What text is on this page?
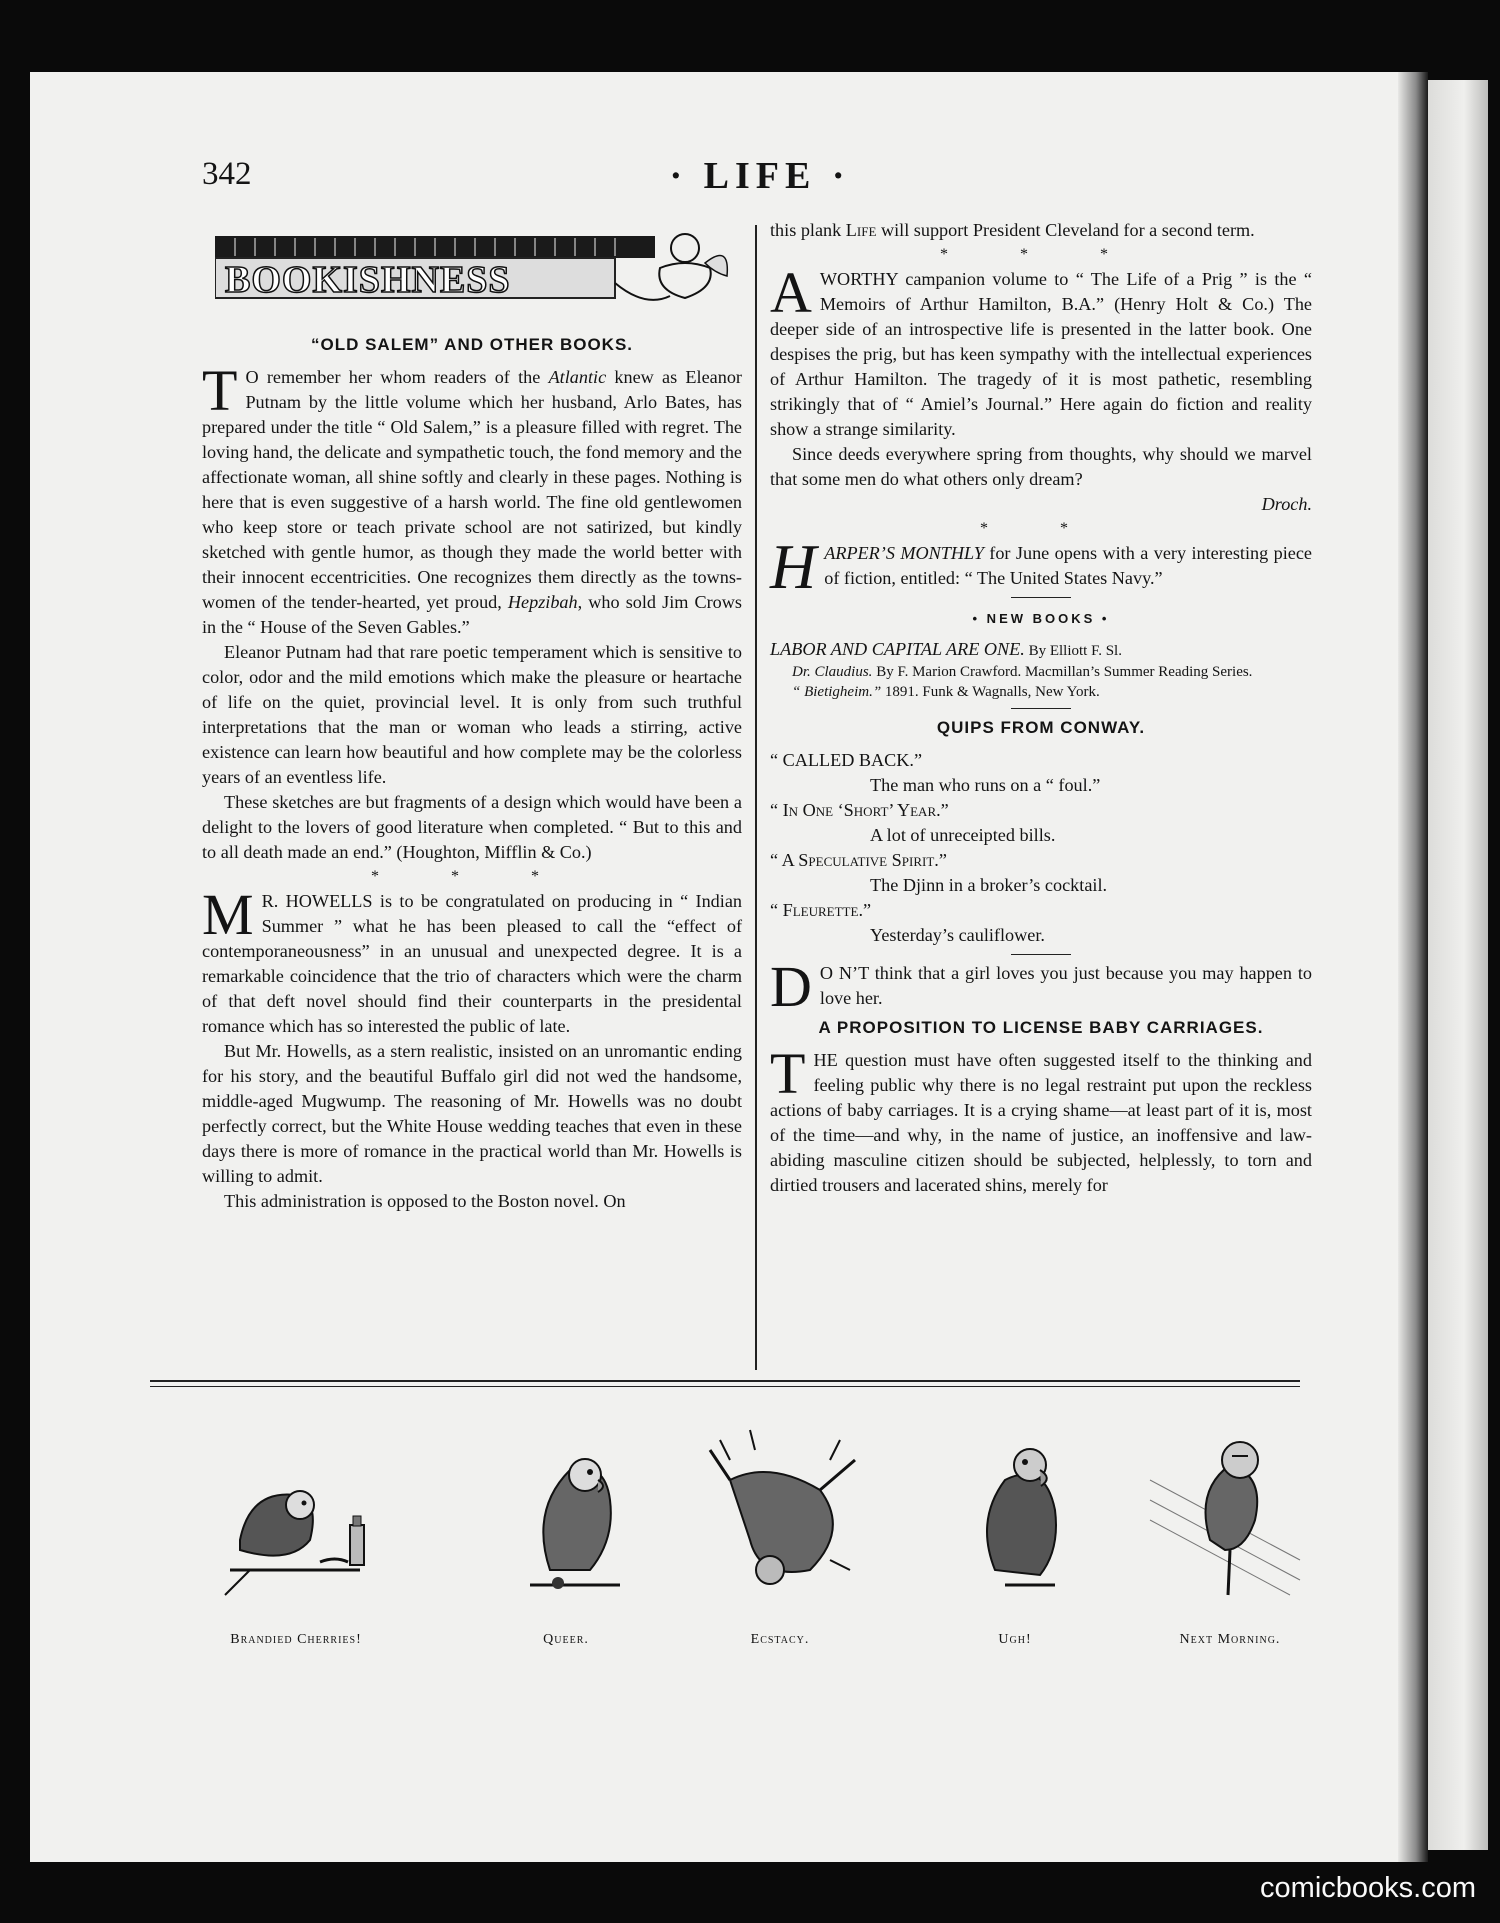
342	· LIFE ·
BOOKISHNESS
“OLD SALEM” AND OTHER BOOKS.

T O remember her whom readers of the Atlantic knew as Eleanor Putnam by the little volume which her husband, Arlo Bates, has prepared under the title “ Old Salem,” is a pleasure filled with regret. The loving hand, the delicate and sympathetic touch, the fond memory and the affectionate woman, all shine softly and clearly in these pages. Nothing is here that is even suggestive of a harsh world. The fine old gentlewomen who keep store or teach private school are not satirized, but kindly sketched with gentle humor, as though they made the world better with their innocent eccentricities. One recognizes them directly as the towns-women of the tender-hearted, yet proud, Hepzibah, who sold Jim Crows in the “ House of the Seven Gables.”

Eleanor Putnam had that rare poetic temperament which is sensitive to color, odor and the mild emotions which make the pleasure or heartache of life on the quiet, provincial level. It is only from such truthful interpretations that the man or woman who leads a stirring, active existence can learn how beautiful and how complete may be the colorless years of an eventless life.

These sketches are but fragments of a design which would have been a delight to the lovers of good literature when completed. “ But to this and to all death made an end.” (Houghton, Mifflin & Co.)

* * *

M R. HOWELLS is to be congratulated on producing in “ Indian Summer ” what he has been pleased to call the “effect of contemporaneousness” in an unusual and unexpected degree. It is a remarkable coincidence that the trio of characters which were the charm of that deft novel should find their counterparts in the presidental romance which has so interested the public of late.

But Mr. Howells, as a stern realistic, insisted on an unromantic ending for his story, and the beautiful Buffalo girl did not wed the handsome, middle-aged Mugwump. The reasoning of Mr. Howells was no doubt perfectly correct, but the White House wedding teaches that even in these days there is more of romance in the practical world than Mr. Howells is willing to admit.

This administration is opposed to the Boston novel. On

this plank Life will support President Cleveland for a second term.

* * *

AWORTHY campanion volume to “ The Life of a Prig ” is the “ Memoirs of Arthur Hamilton, B.A.” (Henry Holt & Co.) The deeper side of an introspective life is presented in the latter book. One despises the prig, but has keen sympathy with the intellectual experiences of Arthur Hamilton. The tragedy of it is most pathetic, resembling strikingly that of “ Amiel’s Journal.” Here again do fiction and reality show a strange similarity.

Since deeds everywhere spring from thoughts, why should we marvel that some men do what others only dream?

Droch.

* *

HARPER’S MONTHLY for June opens with a very interesting piece of fiction, entitled: “ The United States Navy.”

• NEW BOOKS •

LABOR AND CAPITAL ARE ONE. By Elliott F. Sl.

Dr. Claudius. By F. Marion Crawford. Macmillan’s Summer Reading Series.

“ Bietigheim.” 1891. Funk & Wagnalls, New York.

QUIPS FROM CONWAY.
“ CALLED BACK.”
The man who runs on a “ foul.”
“ In One ‘Short’ Year.”
A lot of unreceipted bills.
“ A Speculative Spirit.”
The Djinn in a broker’s cocktail.
“ Fleurette.”
Yesterday’s cauliflower.

D O N’T think that a girl loves you just because you may happen to love her.

A PROPOSITION TO LICENSE BABY CARRIAGES.

THE question must have often suggested itself to the thinking and feeling public why there is no legal restraint put upon the reckless actions of baby carriages. It is a crying shame—at least part of it is, most of the time—and why, in the name of justice, an inoffensive and law-abiding masculine citizen should be subjected, helplessly, to torn and dirtied trousers and lacerated shins, merely for

Brandied Cherries!	Queer.	Ecstacy.	Ugh!	Next Morning.
comicbooks.com
